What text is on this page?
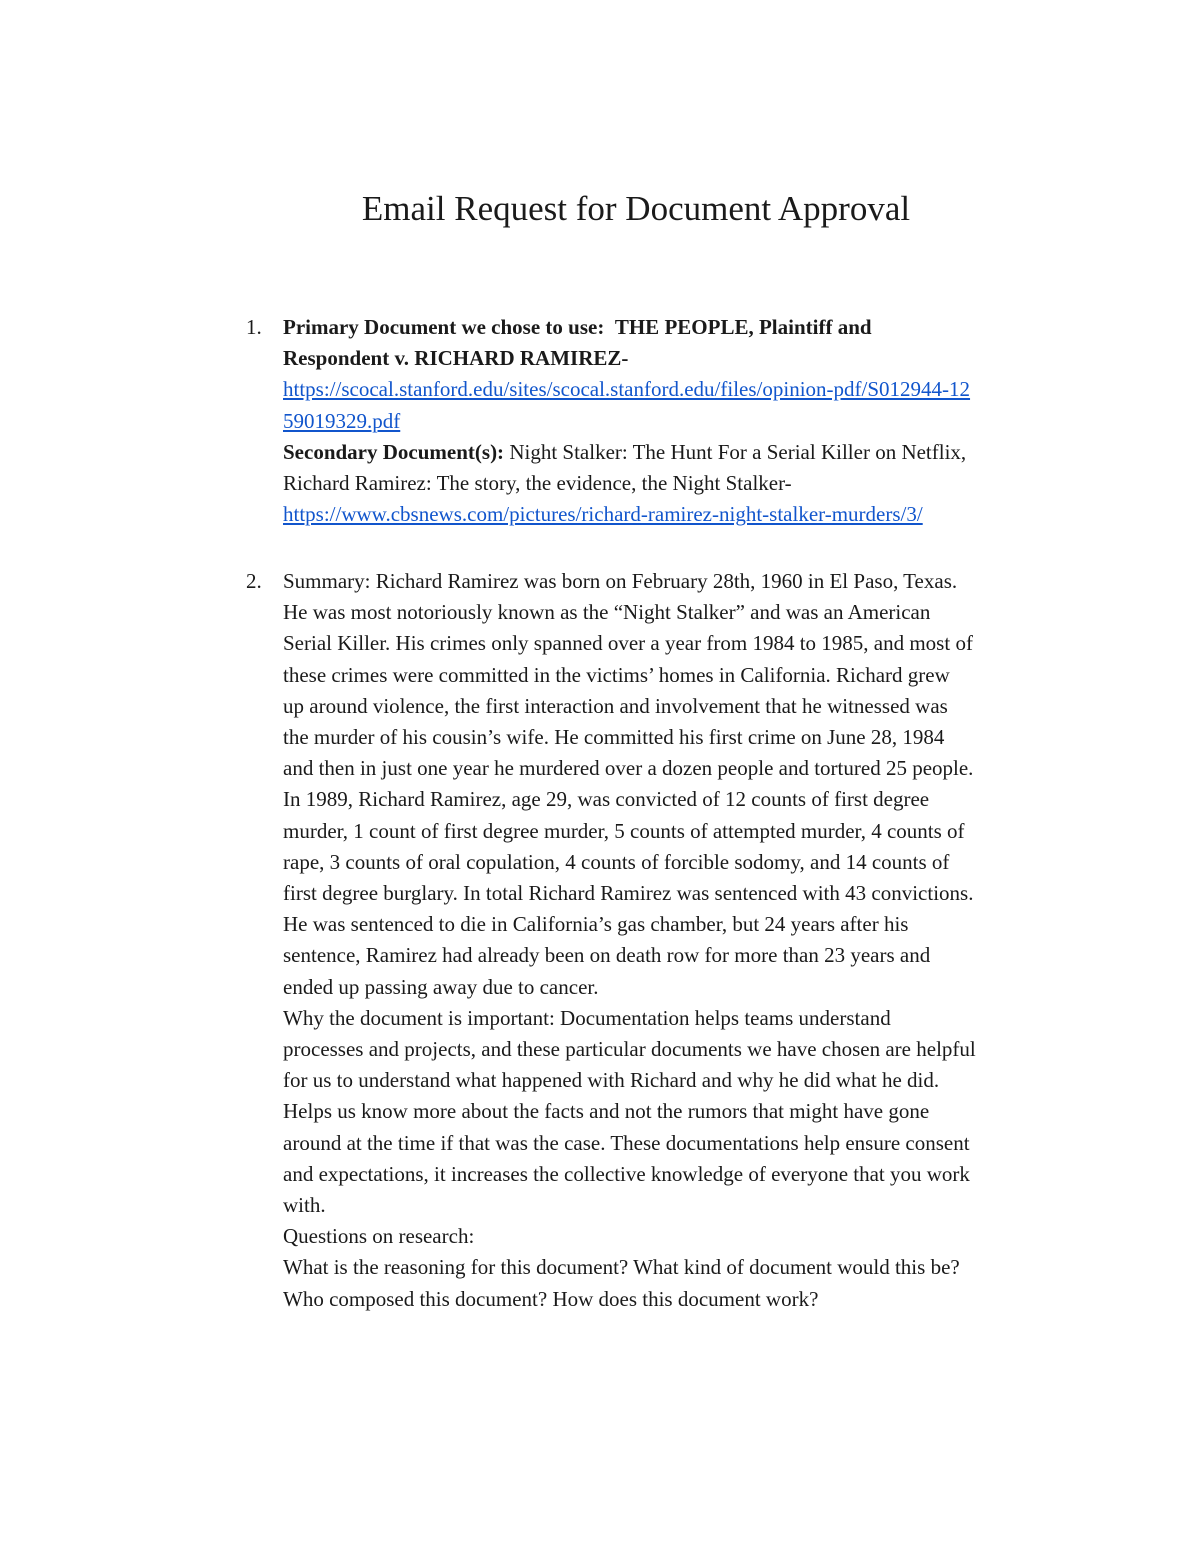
Email Request for Document Approval
1.	Primary Document we chose to use: THE PEOPLE, Plaintiff and
Respondent v. RICHARD RAMIREZ-
https://scocal.stanford.edu/sites/scocal.stanford.edu/files/opinion-pdf/S012944-12
59019329.pdf
Secondary Document(s): Night Stalker: The Hunt For a Serial Killer on Netflix,
Richard Ramirez: The story, the evidence, the Night Stalker-
https://www.cbsnews.com/pictures/richard-ramirez-night-stalker-murders/3/
2.	Summary: Richard Ramirez was born on February 28th, 1960 in El Paso, Texas.
He was most notoriously known as the “Night Stalker” and was an American
Serial Killer. His crimes only spanned over a year from 1984 to 1985, and most of
these crimes were committed in the victims’ homes in California. Richard grew
up around violence, the first interaction and involvement that he witnessed was
the murder of his cousin’s wife. He committed his first crime on June 28, 1984
and then in just one year he murdered over a dozen people and tortured 25 people.
In 1989, Richard Ramirez, age 29, was convicted of 12 counts of first degree
murder, 1 count of first degree murder, 5 counts of attempted murder, 4 counts of
rape, 3 counts of oral copulation, 4 counts of forcible sodomy, and 14 counts of
first degree burglary. In total Richard Ramirez was sentenced with 43 convictions.
He was sentenced to die in California’s gas chamber, but 24 years after his
sentence, Ramirez had already been on death row for more than 23 years and
ended up passing away due to cancer.
Why the document is important: Documentation helps teams understand
processes and projects, and these particular documents we have chosen are helpful
for us to understand what happened with Richard and why he did what he did.
Helps us know more about the facts and not the rumors that might have gone
around at the time if that was the case. These documentations help ensure consent
and expectations, it increases the collective knowledge of everyone that you work
with.
Questions on research:
What is the reasoning for this document? What kind of document would this be?
Who composed this document? How does this document work?
